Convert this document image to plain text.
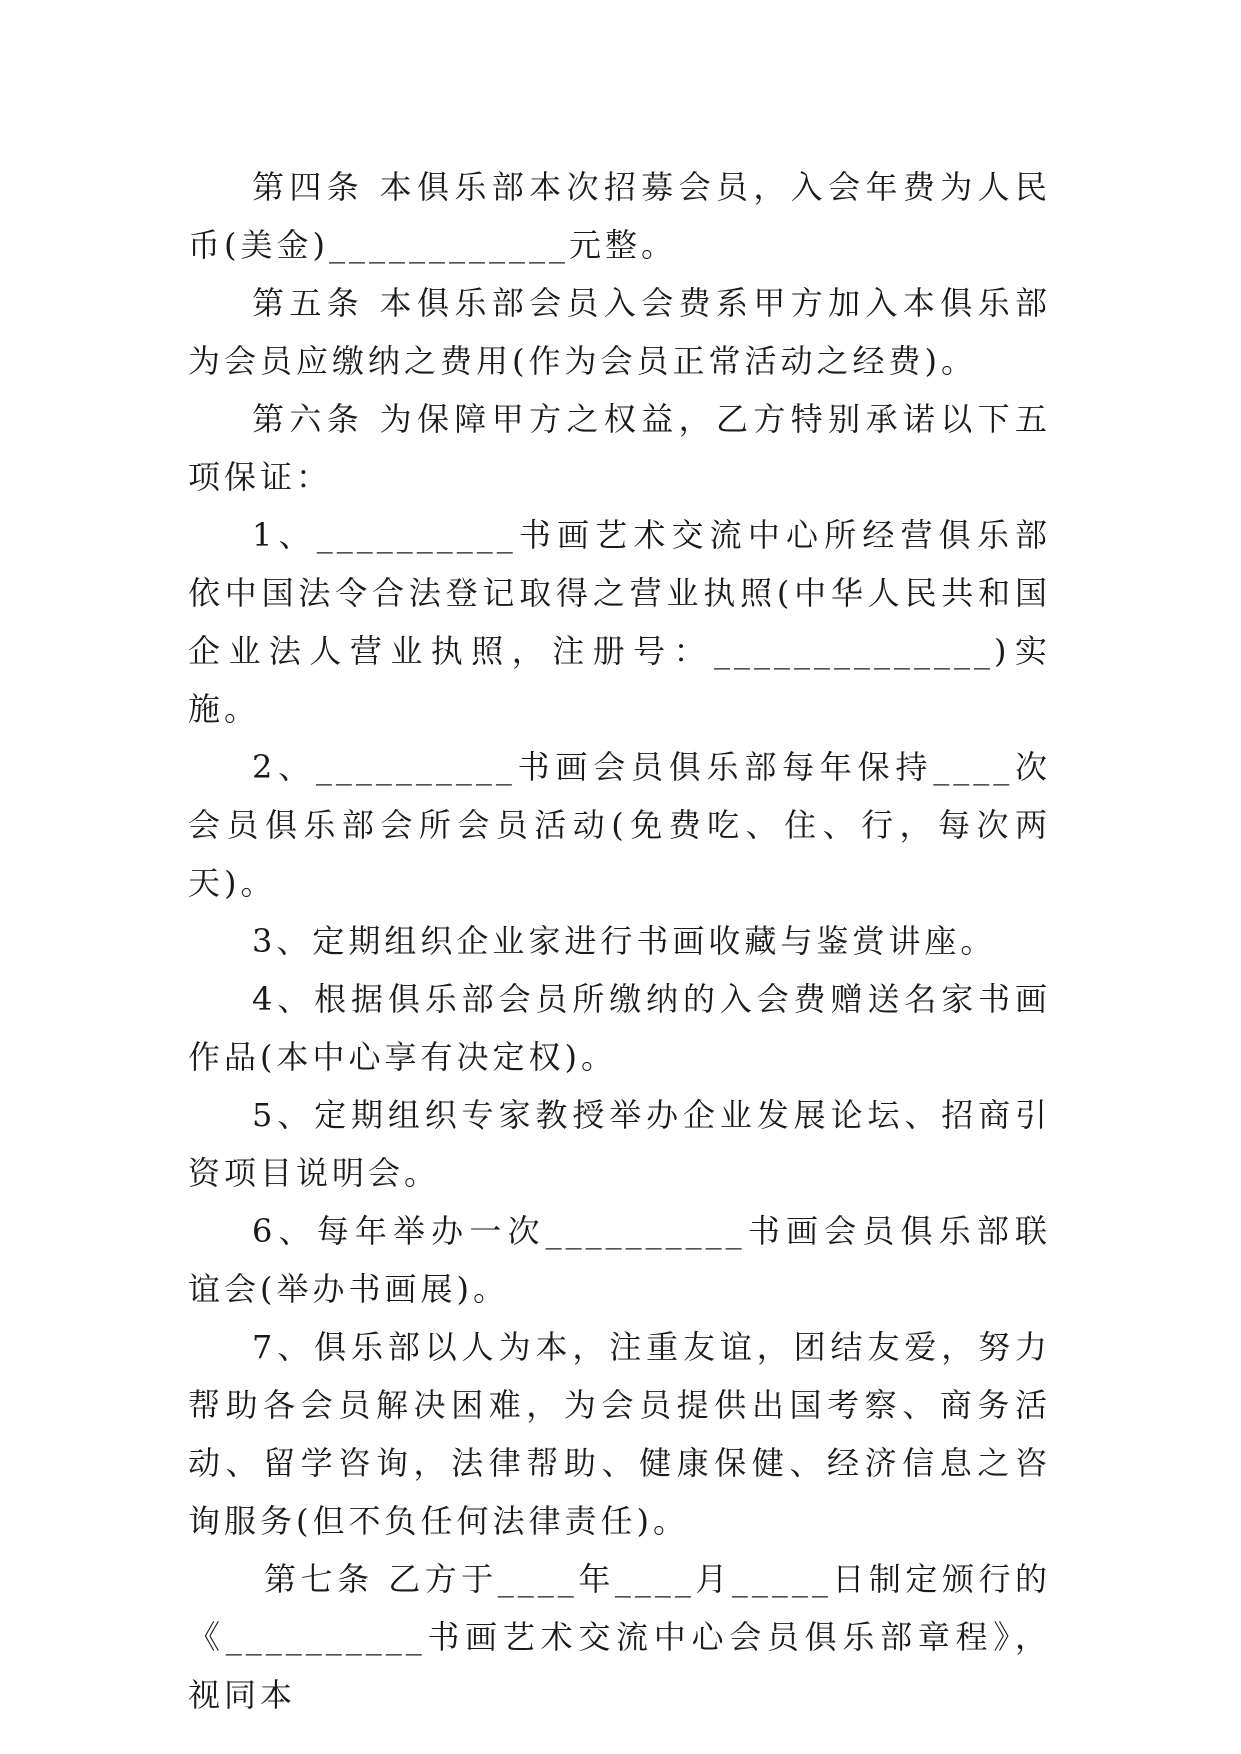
第四条 本俱乐部本次招募会员，入会年费为人民币(美金)____________元整。

第五条 本俱乐部会员入会费系甲方加入本俱乐部为会员应缴纳之费用(作为会员正常活动之经费)。

第六条 为保障甲方之权益，乙方特别承诺以下五项保证：

1、__________书画艺术交流中心所经营俱乐部依中国法令合法登记取得之营业执照(中华人民共和国企业法人营业执照，注册号：______________)实施。

2、__________书画会员俱乐部每年保持____次会员俱乐部会所会员活动(免费吃、住、行，每次两天)。

3、定期组织企业家进行书画收藏与鉴赏讲座。

4、根据俱乐部会员所缴纳的入会费赠送名家书画作品(本中心享有决定权)。

5、定期组织专家教授举办企业发展论坛、招商引资项目说明会。

6、每年举办一次__________书画会员俱乐部联谊会(举办书画展)。

7、俱乐部以人为本，注重友谊，团结友爱，努力帮助各会员解决困难，为会员提供出国考察、商务活动、留学咨询，法律帮助、健康保健、经济信息之咨询服务(但不负任何法律责任)。

第七条 乙方于____年____月_____日制定颁行的《__________书画艺术交流中心会员俱乐部章程》，视同本
